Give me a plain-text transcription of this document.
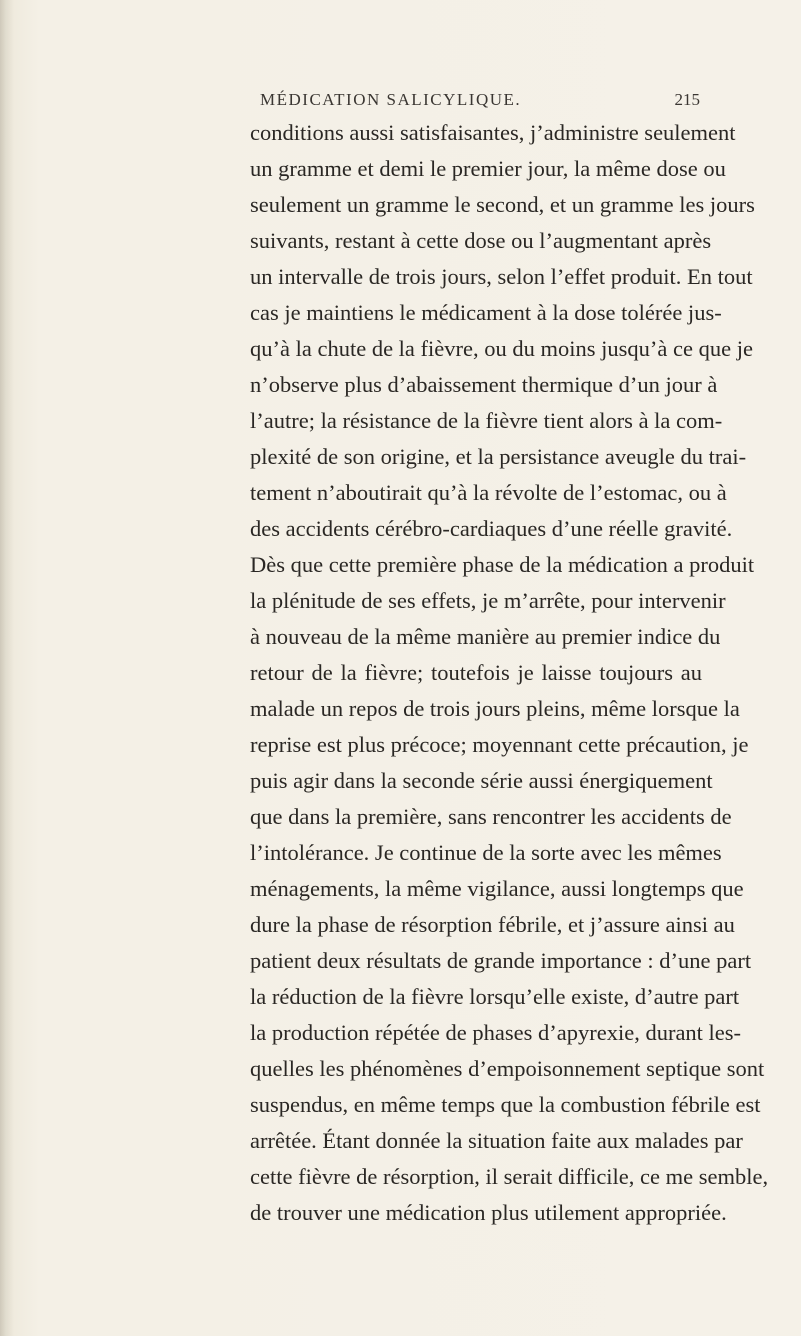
MÉDICATION SALICYLIQUE.	215
conditions aussi satisfaisantes, j’administre seulement
un gramme et demi le premier jour, la même dose ou
seulement un gramme le second, et un gramme les jours
suivants, restant à cette dose ou l’augmentant après
un intervalle de trois jours, selon l’effet produit. En tout
cas je maintiens le médicament à la dose tolérée jus-
qu’à la chute de la fièvre, ou du moins jusqu’à ce que je
n’observe plus d’abaissement thermique d’un jour à
l’autre; la résistance de la fièvre tient alors à la com-
plexité de son origine, et la persistance aveugle du trai-
tement n’aboutirait qu’à la révolte de l’estomac, ou à
des accidents cérébro-cardiaques d’une réelle gravité.
Dès que cette première phase de la médication a produit
la plénitude de ses effets, je m’arrête, pour intervenir
à nouveau de la même manière au premier indice du
retour de la fièvre; toutefois je laisse toujours au
malade un repos de trois jours pleins, même lorsque la
reprise est plus précoce; moyennant cette précaution, je
puis agir dans la seconde série aussi énergiquement
que dans la première, sans rencontrer les accidents de
l’intolérance. Je continue de la sorte avec les mêmes
ménagements, la même vigilance, aussi longtemps que
dure la phase de résorption fébrile, et j’assure ainsi au
patient deux résultats de grande importance : d’une part
la réduction de la fièvre lorsqu’elle existe, d’autre part
la production répétée de phases d’apyrexie, durant les-
quelles les phénomènes d’empoisonnement septique sont
suspendus, en même temps que la combustion fébrile est
arrêtée. Étant donnée la situation faite aux malades par
cette fièvre de résorption, il serait difficile, ce me semble,
de trouver une médication plus utilement appropriée.
